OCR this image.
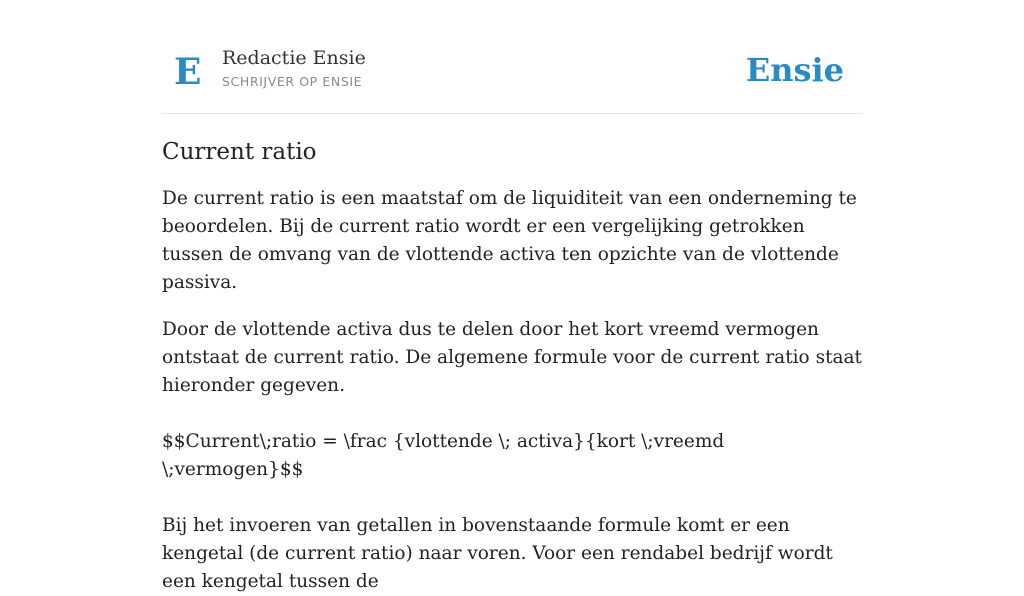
E Redactie Ensie
SCHRIJVER OP ENSIE	Ensie
Current ratio

De current ratio is een maatstaf om de liquiditeit van een onderneming te beoordelen. Bij de current ratio wordt er een vergelijking getrokken tussen de omvang van de vlottende activa ten opzichte van de vlottende passiva.

Door de vlottende activa dus te delen door het kort vreemd vermogen ontstaat de current ratio. De algemene formule voor de current ratio staat hieronder gegeven.

$$Current\;ratio = \frac {vlottende \; activa}{kort \;vreemd \;vermogen}$$

Bij het invoeren van getallen in bovenstaande formule komt er een kengetal (de current ratio) naar voren. Voor een rendabel bedrijf wordt een kengetal tussen de
